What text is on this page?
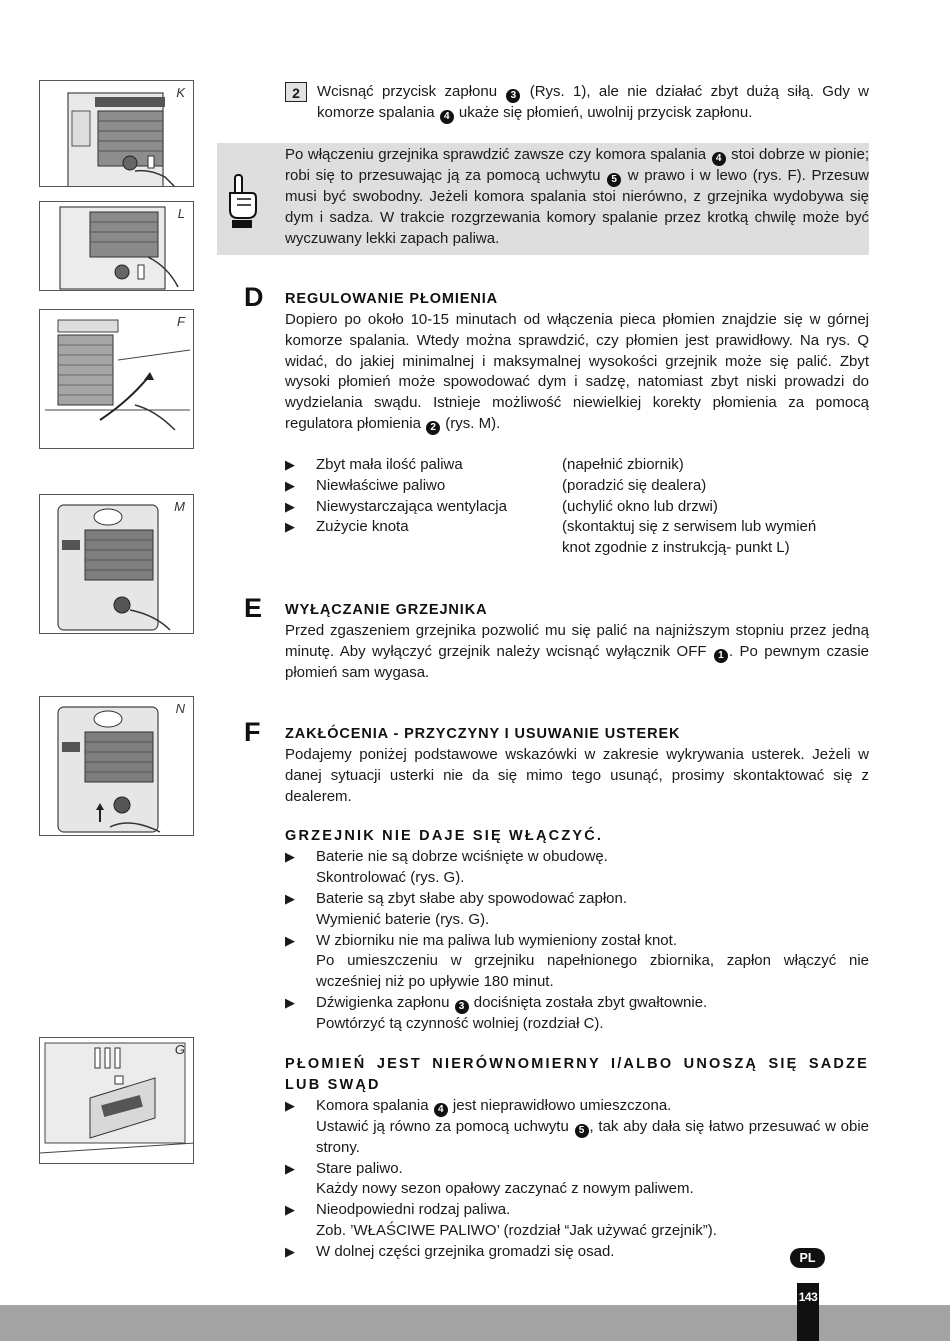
K
L
F
M
N
G
2	Wcisnąć przycisk zapłonu 3 (Rys. 1), ale nie działać zbyt dużą siłą. Gdy w komorze spalania 4 ukaże się płomień, uwolnij przycisk zapłonu.

Po włączeniu grzejnika sprawdzić zawsze czy komora spalania 4 stoi dobrze w pionie; robi się to przesuwając ją za pomocą uchwytu 5 w prawo i w lewo (rys. F). Przesuw musi być swobodny. Jeżeli komora spalania stoi nierówno, z grzejnika wydobywa się dym i sadza. W trakcie rozgrzewania komory spalanie przez krotką chwilę może być wyczuwany lekki zapach paliwa.

D REGULOWANIE PŁOMIENIA

Dopiero po około 10-15 minutach od włączenia pieca płomien znajdzie się w górnej komorze spalania. Wtedy można sprawdzić, czy płomien jest prawidłowy. Na rys. Q widać, do jakiej minimalnej i maksymalnej wysokości grzejnik może się palić. Zbyt wysoki płomień może spowodować dym i sadzę, natomiast zbyt niski prowadzi do wydzielania swądu. Istnieje możliwość niewielkiej korekty płomienia za pomocą regulatora płomienia 2 (rys. M).

▶	Zbyt mała ilość paliwa	(napełnić zbiornik)
▶	Niewłaściwe paliwo	(poradzić się dealera)
▶	Niewystarczająca wentylacja	(uchylić okno lub drzwi)
▶	Zużycie knota	(skontaktuj się z serwisem lub wymień knot zgodnie z instrukcją- punkt L)
E WYŁĄCZANIE GRZEJNIKA

Przed zgaszeniem grzejnika pozwolić mu się palić na najniższym stopniu przez jedną minutę. Aby wyłączyć grzejnik należy wcisnąć wyłącznik OFF 1 . Po pewnym czasie płomień sam wygasa.

F ZAKŁÓCENIA - PRZYCZYNY I USUWANIE USTEREK

Podajemy poniżej podstawowe wskazówki w zakresie wykrywania usterek. Jeżeli w danej sytuacji usterki nie da się mimo tego usunąć, prosimy skontaktować się z dealerem.

GRZEJNIK NIE DAJE SIĘ WŁĄCZYĆ.

▶	Baterie nie są dobrze wciśnięte w obudowę.
Skontrolować (rys. G).
▶	Baterie są zbyt słabe aby spowodować zapłon.
Wymienić baterie (rys. G).
▶	W zbiorniku nie ma paliwa lub wymieniony został knot.
Po umieszczeniu w grzejniku napełnionego zbiornika, zapłon włączyć nie wcześniej niż po upływie 180 minut.
▶	Dźwigienka zapłonu 3 dociśnięta została zbyt gwałtownie.
Powtórzyć tą czynność wolniej (rozdział C).

PŁOMIEŃ JEST NIERÓWNOMIERNY I/ALBO UNOSZĄ SIĘ SADZE LUB SWĄD

▶	Komora spalania 4 jest nieprawidłowo umieszczona.
Ustawić ją równo za pomocą uchwytu 5 , tak aby dała się łatwo przesuwać w obie strony.
▶	Stare paliwo.
Każdy nowy sezon opałowy zaczynać z nowym paliwem.
▶	Nieodpowiedni rodzaj paliwa.
Zob. ’WŁAŚCIWE PALIWO’ (rozdział “Jak używać grzejnik”).
▶	W dolnej części grzejnika gromadzi się osad.
143
PL
